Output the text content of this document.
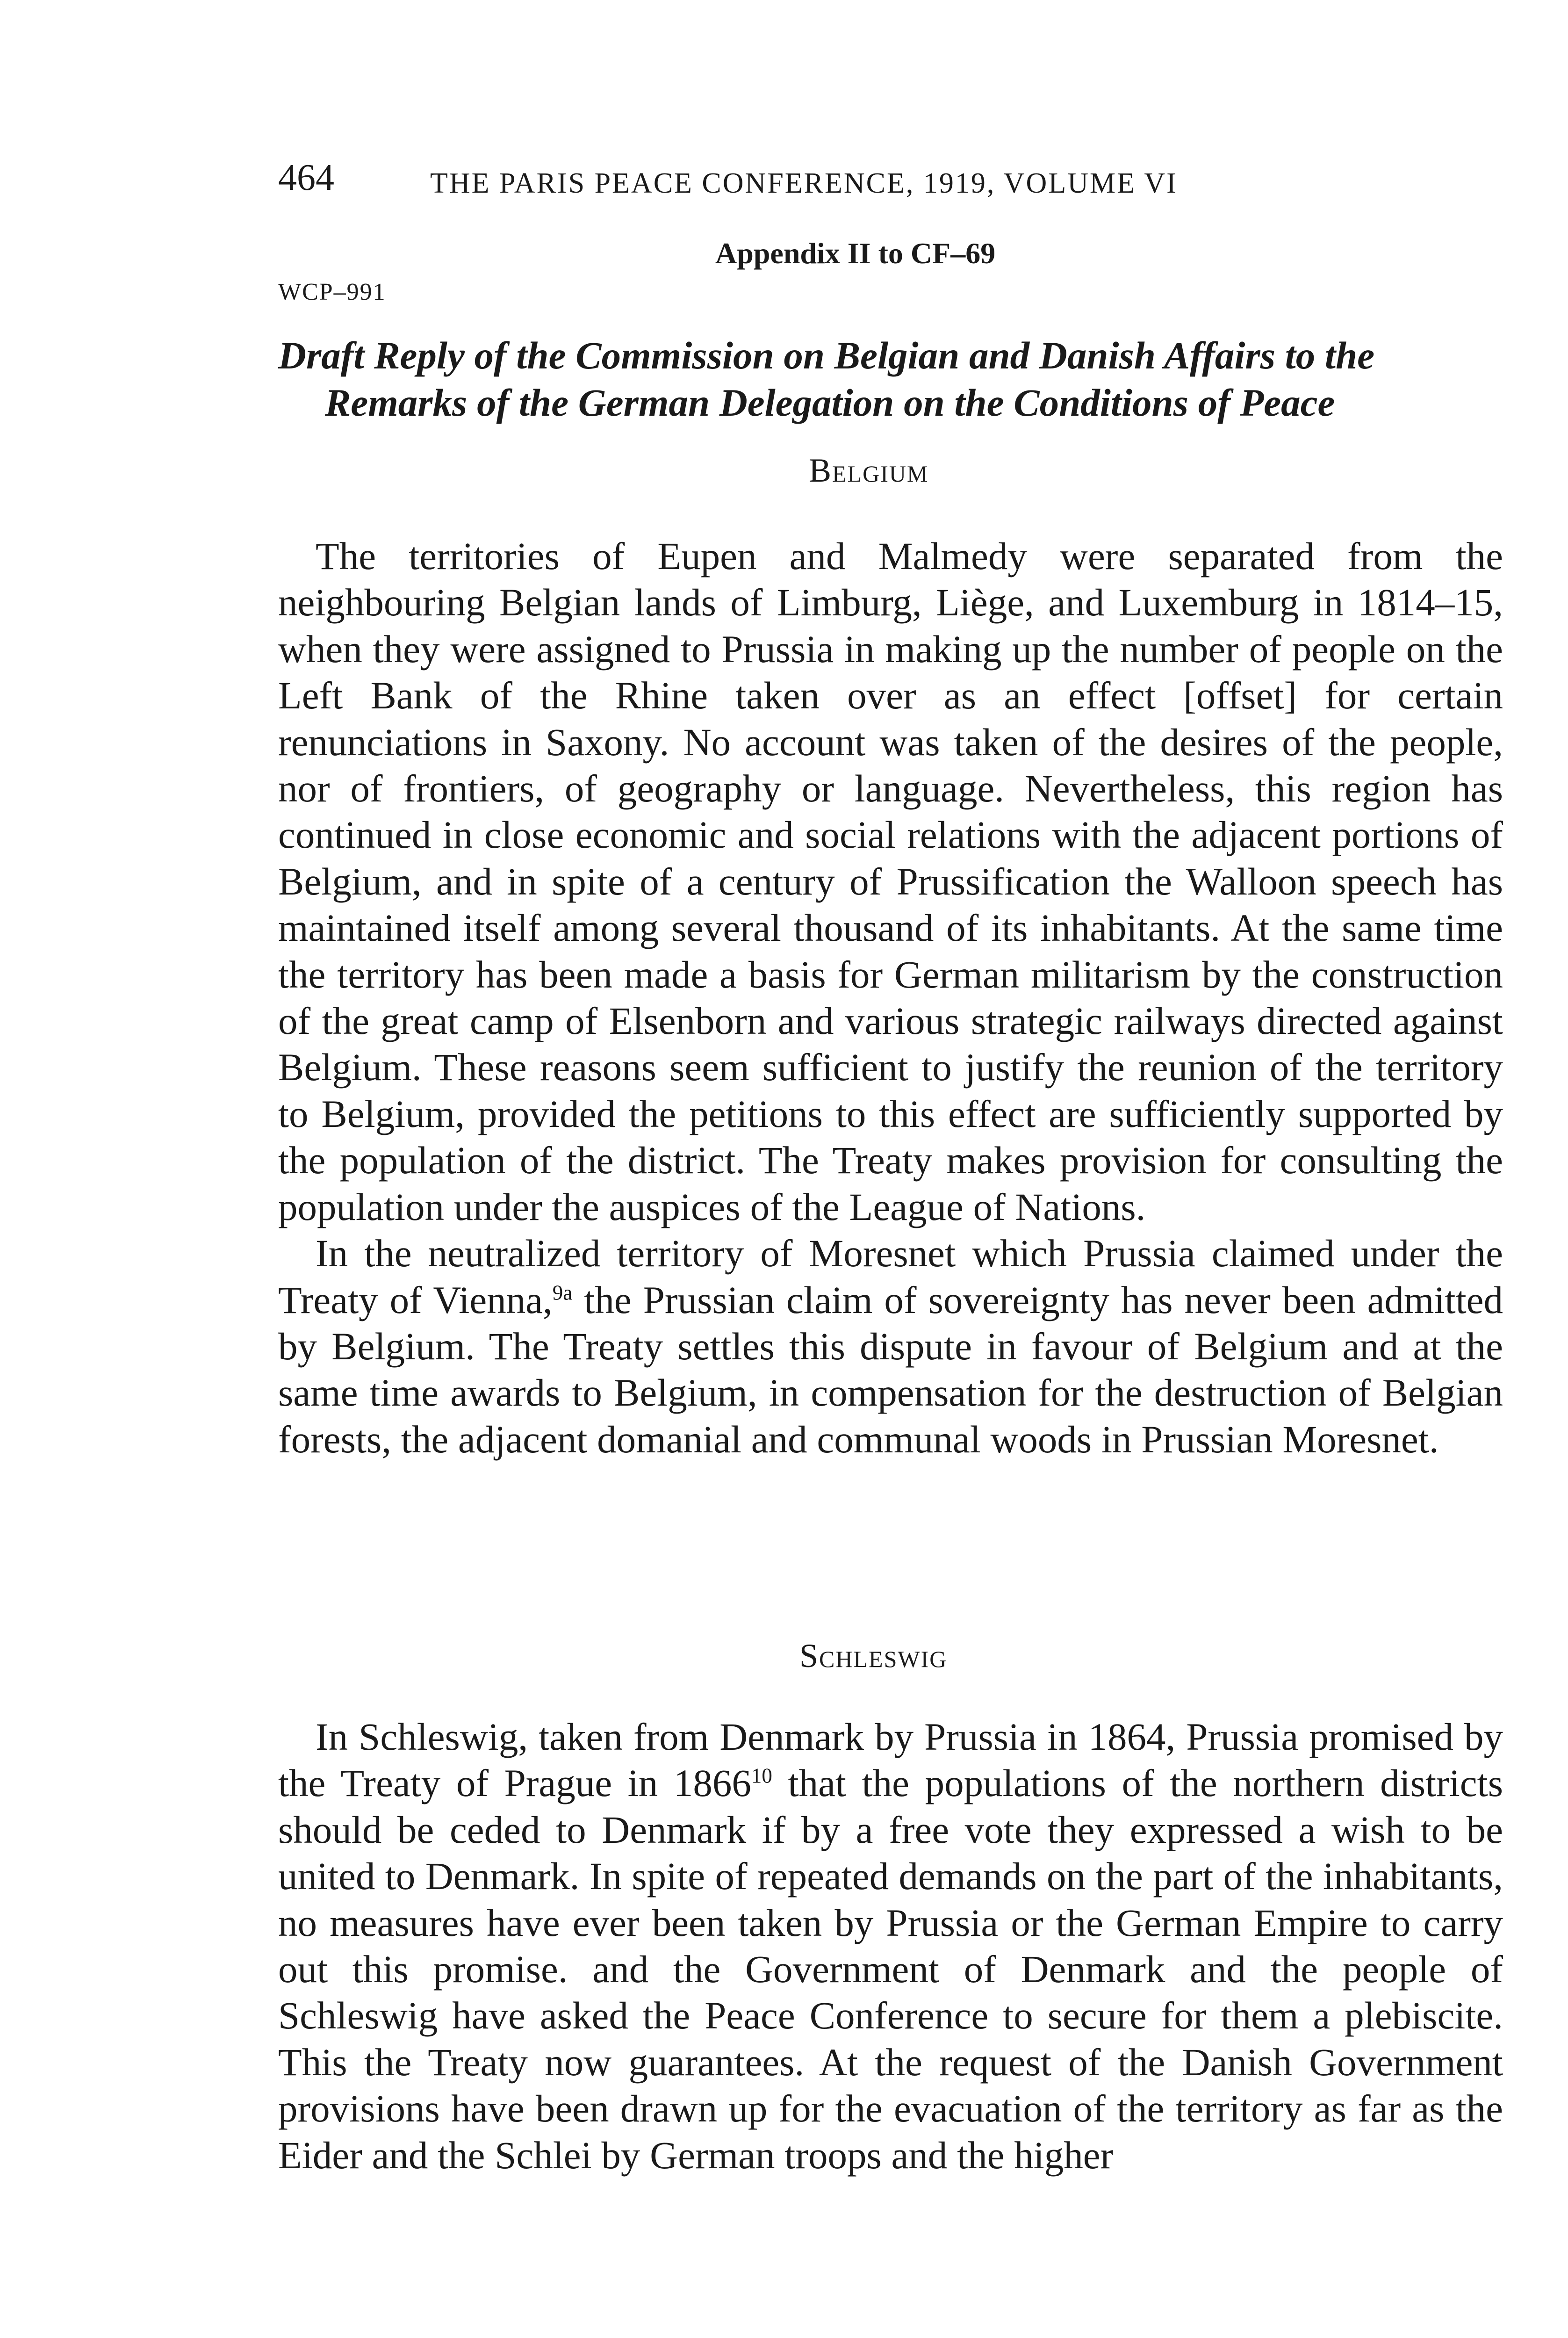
464	THE PARIS PEACE CONFERENCE, 1919, VOLUME VI
Appendix II to CF–69
WCP–991
Draft Reply of the Commission on Belgian and Danish Affairs to the
Remarks of the German Delegation on the Conditions of Peace
Belgium

The territories of Eupen and Malmedy were separated from the neighbouring Belgian lands of Limburg, Liège, and Luxemburg in 1814–15, when they were assigned to Prussia in making up the number of people on the Left Bank of the Rhine taken over as an effect [offset] for certain renunciations in Saxony. No account was taken of the desires of the people, nor of frontiers, of geography or language. Nevertheless, this region has continued in close economic and social relations with the adjacent portions of Belgium, and in spite of a century of Prussification the Walloon speech has maintained itself among several thousand of its inhabitants. At the same time the territory has been made a basis for German militarism by the construction of the great camp of Elsenborn and various strategic railways directed against Belgium. These reasons seem sufficient to justify the reunion of the territory to Belgium, provided the petitions to this effect are sufficiently supported by the population of the district. The Treaty makes provision for consulting the population under the auspices of the League of Nations.

In the neutralized territory of Moresnet which Prussia claimed under the Treaty of Vienna,$^{9a}$ the Prussian claim of sovereignty has never been admitted by Belgium. The Treaty settles this dispute in favour of Belgium and at the same time awards to Belgium, in compensation for the destruction of Belgian forests, the adjacent domanial and communal woods in Prussian Moresnet.

Schleswig

In Schleswig, taken from Denmark by Prussia in 1864, Prussia promised by the Treaty of Prague in 1866$^{10}$ that the populations of the northern districts should be ceded to Denmark if by a free vote they expressed a wish to be united to Denmark. In spite of repeated demands on the part of the inhabitants, no measures have ever been taken by Prussia or the German Empire to carry out this promise. and the Government of Denmark and the people of Schleswig have asked the Peace Conference to secure for them a plebiscite. This the Treaty now guarantees. At the request of the Danish Government provisions have been drawn up for the evacuation of the territory as far as the Eider and the Schlei by German troops and the higher
